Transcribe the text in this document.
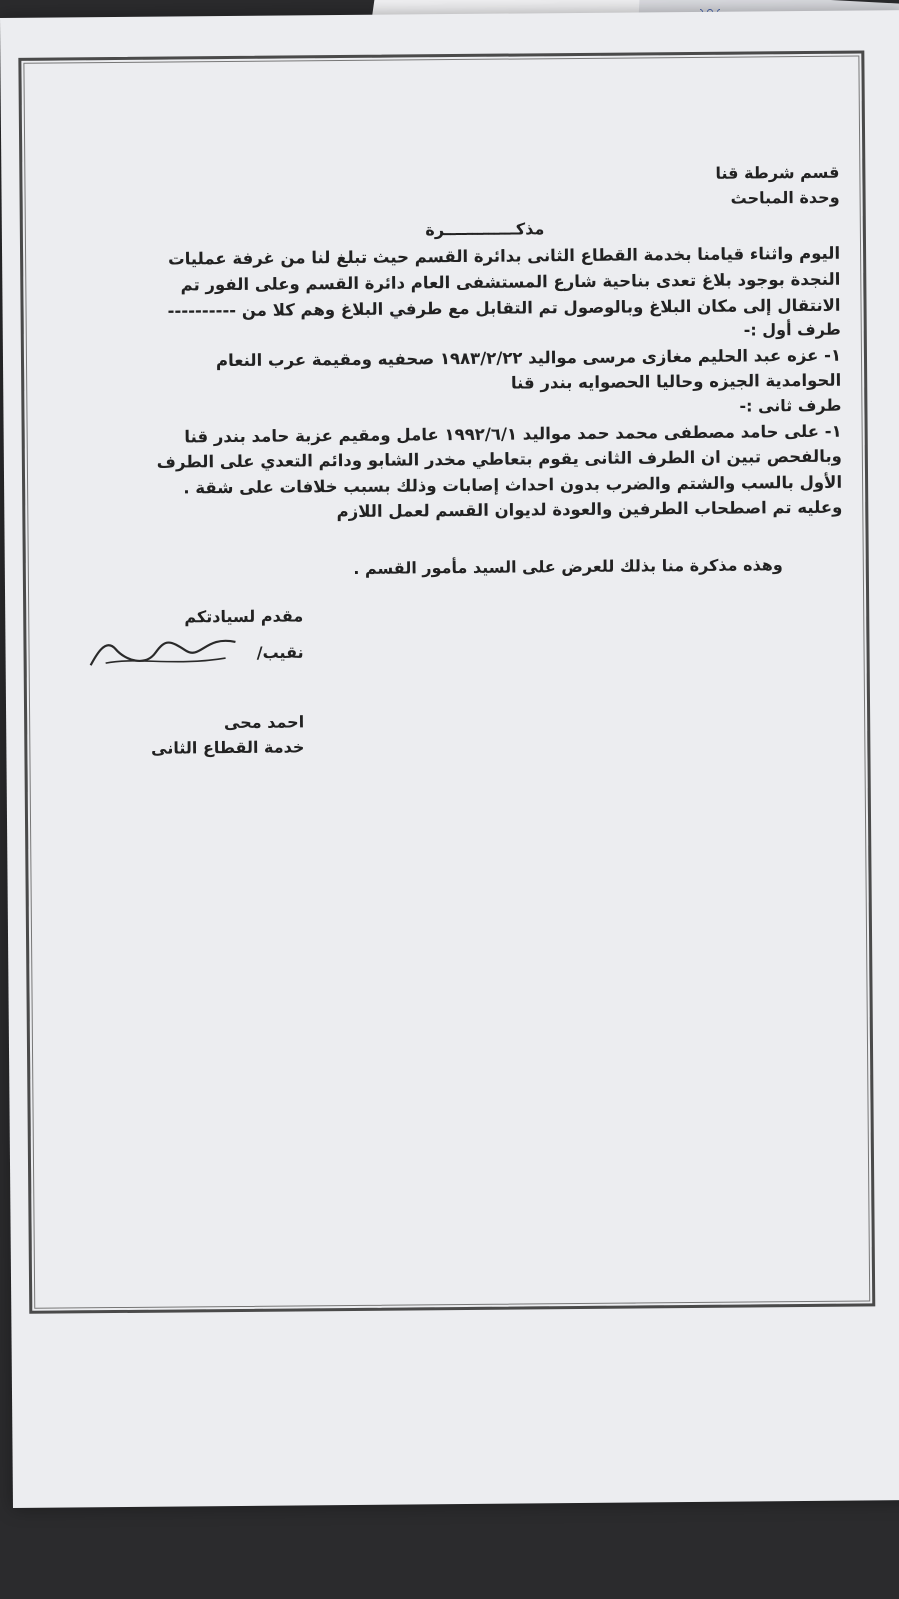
قسم شرطة قنا
وحدة المباحث
مذكـــــــــــــرة
اليوم واثناء قيامنا بخدمة القطاع الثانى بدائرة القسم حيث تبلغ لنا من غرفة عمليات
النجدة بوجود بلاغ تعدى بناحية شارع المستشفى العام دائرة القسم وعلى الفور تم
الانتقال إلى مكان البلاغ وبالوصول تم التقابل مع طرفي البلاغ وهم كلا من ----------
طرف أول :-
١- عزه عبد الحليم مغازى مرسى مواليد ١٩٨٣/٢/٢٢ صحفيه ومقيمة عرب النعام
الحوامدية الجيزه وحاليا الحصوايه بندر قنا
طرف ثانى :-
١- على حامد مصطفى محمد حمد مواليد ١٩٩٢/٦/١ عامل ومقيم عزبة حامد بندر قنا
وبالفحص تبين ان الطرف الثانى يقوم بتعاطي مخدر الشابو ودائم التعدي على الطرف
الأول بالسب والشتم والضرب بدون احداث إصابات وذلك بسبب خلافات على شقة .
وعليه تم اصطحاب الطرفين والعودة لديوان القسم لعمل اللازم
وهذه مذكرة منا بذلك للعرض على السيد مأمور القسم .
مقدم لسيادتكم
نقيب/
احمد محى
خدمة القطاع الثانى
